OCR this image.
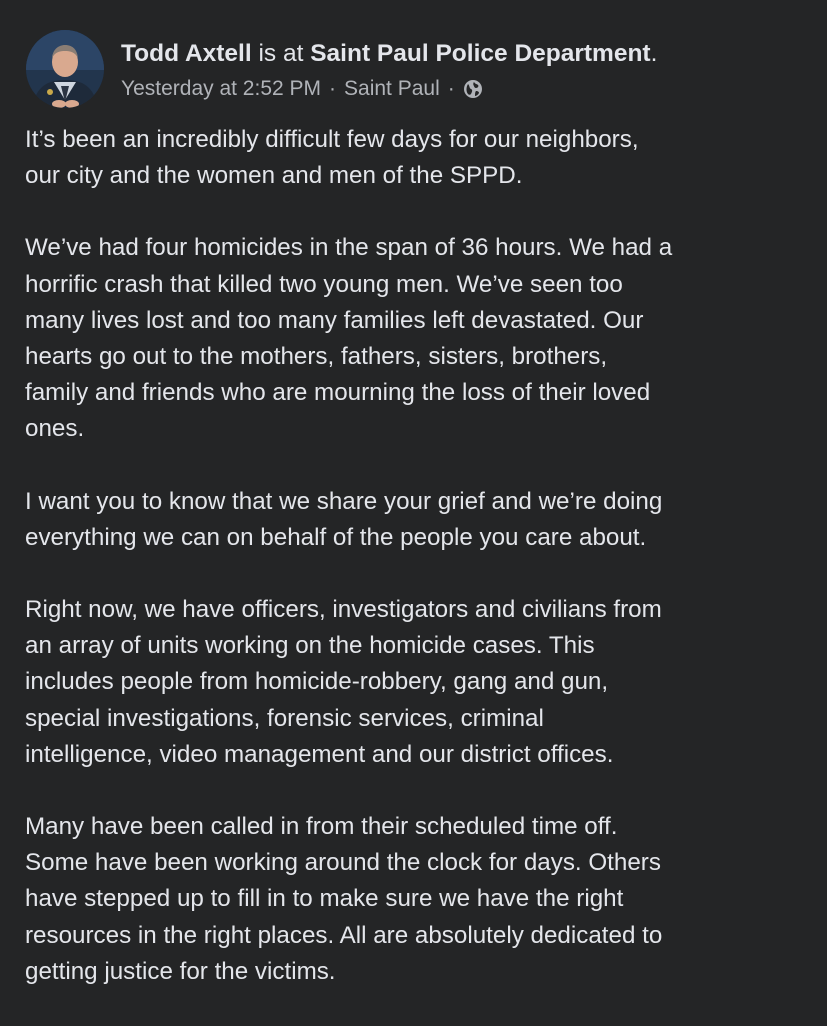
Todd Axtell is at Saint Paul Police Department.
Yesterday at 2:52 PM · Saint Paul ·

It’s been an incredibly difficult few days for our neighbors,
our city and the women and men of the SPPD.

We’ve had four homicides in the span of 36 hours. We had a
horrific crash that killed two young men. We’ve seen too
many lives lost and too many families left devastated. Our
hearts go out to the mothers, fathers, sisters, brothers,
family and friends who are mourning the loss of their loved
ones.

I want you to know that we share your grief and we’re doing
everything we can on behalf of the people you care about.

Right now, we have officers, investigators and civilians from
an array of units working on the homicide cases. This
includes people from homicide-robbery, gang and gun,
special investigations, forensic services, criminal
intelligence, video management and our district offices.

Many have been called in from their scheduled time off.
Some have been working around the clock for days. Others
have stepped up to fill in to make sure we have the right
resources in the right places. All are absolutely dedicated to
getting justice for the victims.
